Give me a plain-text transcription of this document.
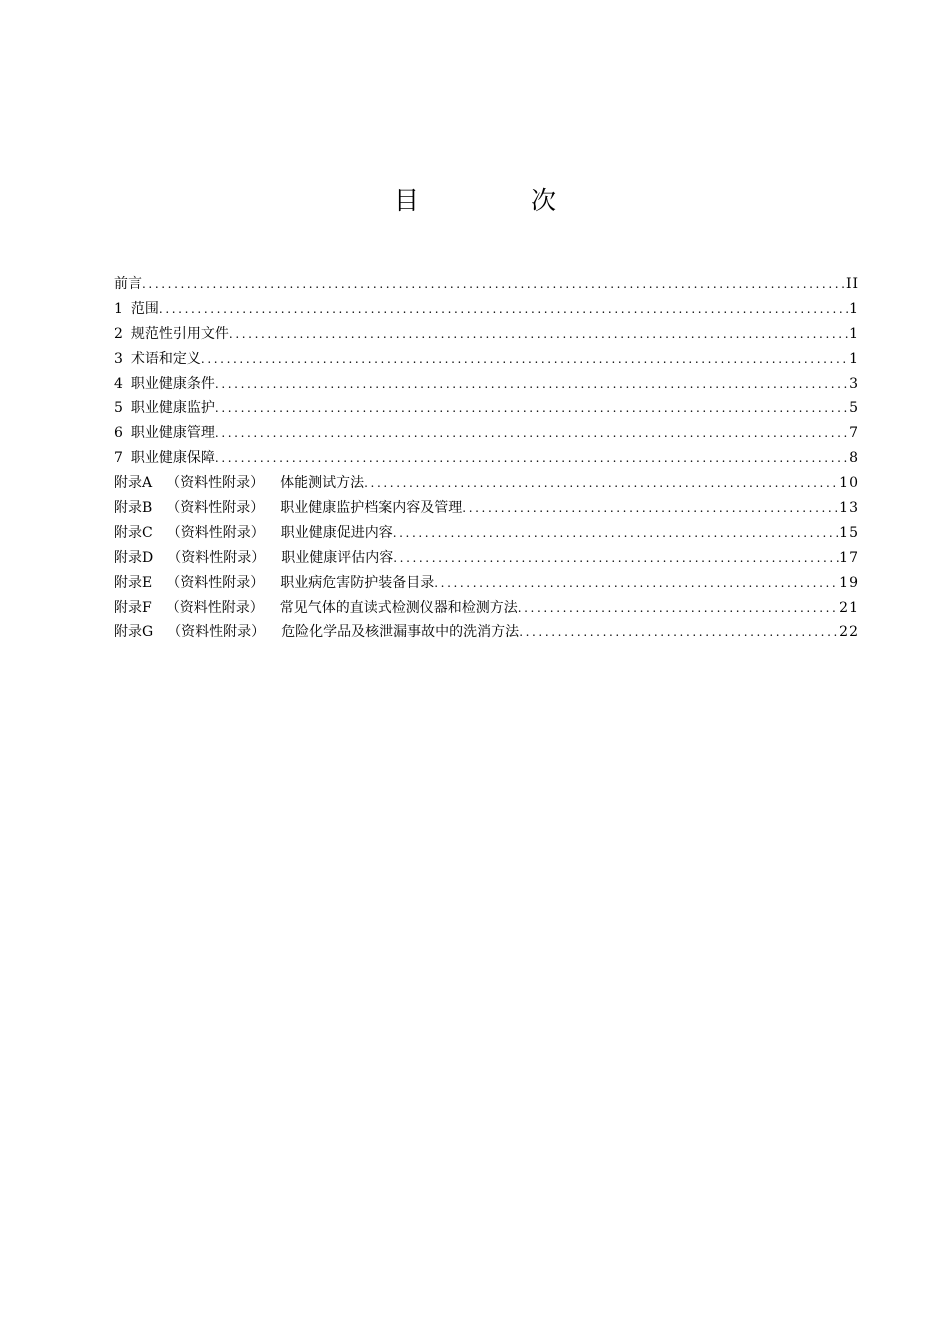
目 次
前言 .....	II
1 范围 .....	1
2 规范性引用文件 .....	1
3 术语和定义 .....	1
4 职业健康条件 .....	3
5 职业健康监护 .....	5
6 职业健康管理 .....	7
7 职业健康保障 .....	8
附录A （资料性附录） 体能测试方法 .....	10
附录B （资料性附录） 职业健康监护档案内容及管理 .....	13
附录C （资料性附录） 职业健康促进内容 .....	15
附录D （资料性附录） 职业健康评估内容 .....	17
附录E （资料性附录） 职业病危害防护装备目录 .....	19
附录F （资料性附录） 常见气体的直读式检测仪器和检测方法 .....	21
附录G （资料性附录） 危险化学品及核泄漏事故中的洗消方法 .....	22
